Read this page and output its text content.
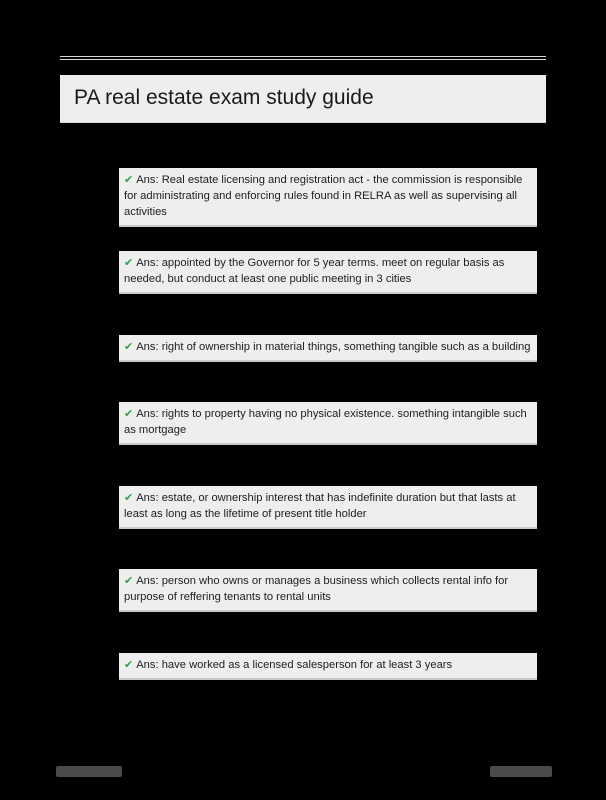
PA real estate exam study guide
✔ Ans: Real estate licensing and registration act - the commission is responsible for administrating and enforcing rules found in RELRA as well as supervising all activities
✔ Ans: appointed by the Governor for 5 year terms. meet on regular basis as needed, but conduct at least one public meeting in 3 cities
✔ Ans: right of ownership in material things, something tangible such as a building
✔ Ans: rights to property having no physical existence. something intangible such as mortgage
✔ Ans: estate, or ownership interest that has indefinite duration but that lasts at least as long as the lifetime of present title holder
✔ Ans: person who owns or manages a business which collects rental info for purpose of reffering tenants to rental units
✔ Ans: have worked as a licensed salesperson for at least 3 years
